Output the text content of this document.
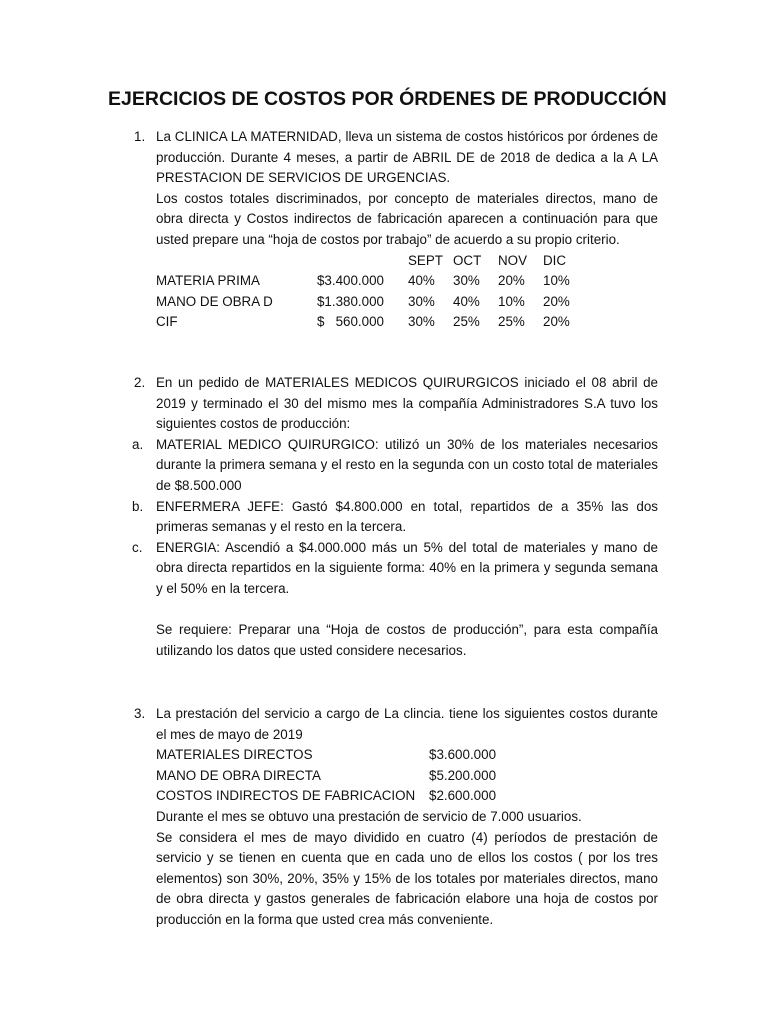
EJERCICIOS DE COSTOS POR ÓRDENES DE PRODUCCIÓN
1. La CLINICA LA MATERNIDAD, lleva un sistema de costos históricos por órdenes de producción. Durante 4 meses, a partir de ABRIL DE de 2018 de dedica a la A LA PRESTACION DE SERVICIOS DE URGENCIAS.

Los costos totales discriminados, por concepto de materiales directos, mano de obra directa y Costos indirectos de fabricación aparecen a continuación para que usted prepare una “hoja de costos por trabajo” de acuerdo a su propio criterio.

		SEPT	OCT	NOV	DIC
MATERIA PRIMA	$3.400.000	40%	30%	20%	10%
MANO DE OBRA D	$1.380.000	30%	40%	10%	20%
CIF	$   560.000	30%	25%	25%	20%
2. En un pedido de MATERIALES MEDICOS QUIRURGICOS iniciado el 08 abril de 2019 y terminado el 30 del mismo mes la compañía Administradores S.A tuvo los siguientes costos de producción:

a. MATERIAL MEDICO QUIRURGICO: utilizó un 30% de los materiales necesarios durante la primera semana y el resto en la segunda con un costo total de materiales de $8.500.000

b. ENFERMERA JEFE: Gastó $4.800.000 en total, repartidos de a 35% las dos primeras semanas y el resto en la tercera.

c. ENERGIA: Ascendió a $4.000.000 más un 5% del total de materiales y mano de obra directa repartidos en la siguiente forma: 40% en la primera y segunda semana y el 50% en la tercera.

Se requiere: Preparar una “Hoja de costos de producción”, para esta compañía utilizando los datos que usted considere necesarios.

3. La prestación del servicio a cargo de La clincia. tiene los siguientes costos durante el mes de mayo de 2019

MATERIALES DIRECTOS	$3.600.000
MANO DE OBRA DIRECTA	$5.200.000
COSTOS INDIRECTOS DE FABRICACION	$2.600.000

Durante el mes se obtuvo una prestación de servicio de 7.000 usuarios.

Se considera el mes de mayo dividido en cuatro (4) períodos de prestación de servicio y se tienen en cuenta que en cada uno de ellos los costos ( por los tres elementos) son 30%, 20%, 35% y 15% de los totales por materiales directos, mano de obra directa y gastos generales de fabricación elabore una hoja de costos por producción en la forma que usted crea más conveniente.
